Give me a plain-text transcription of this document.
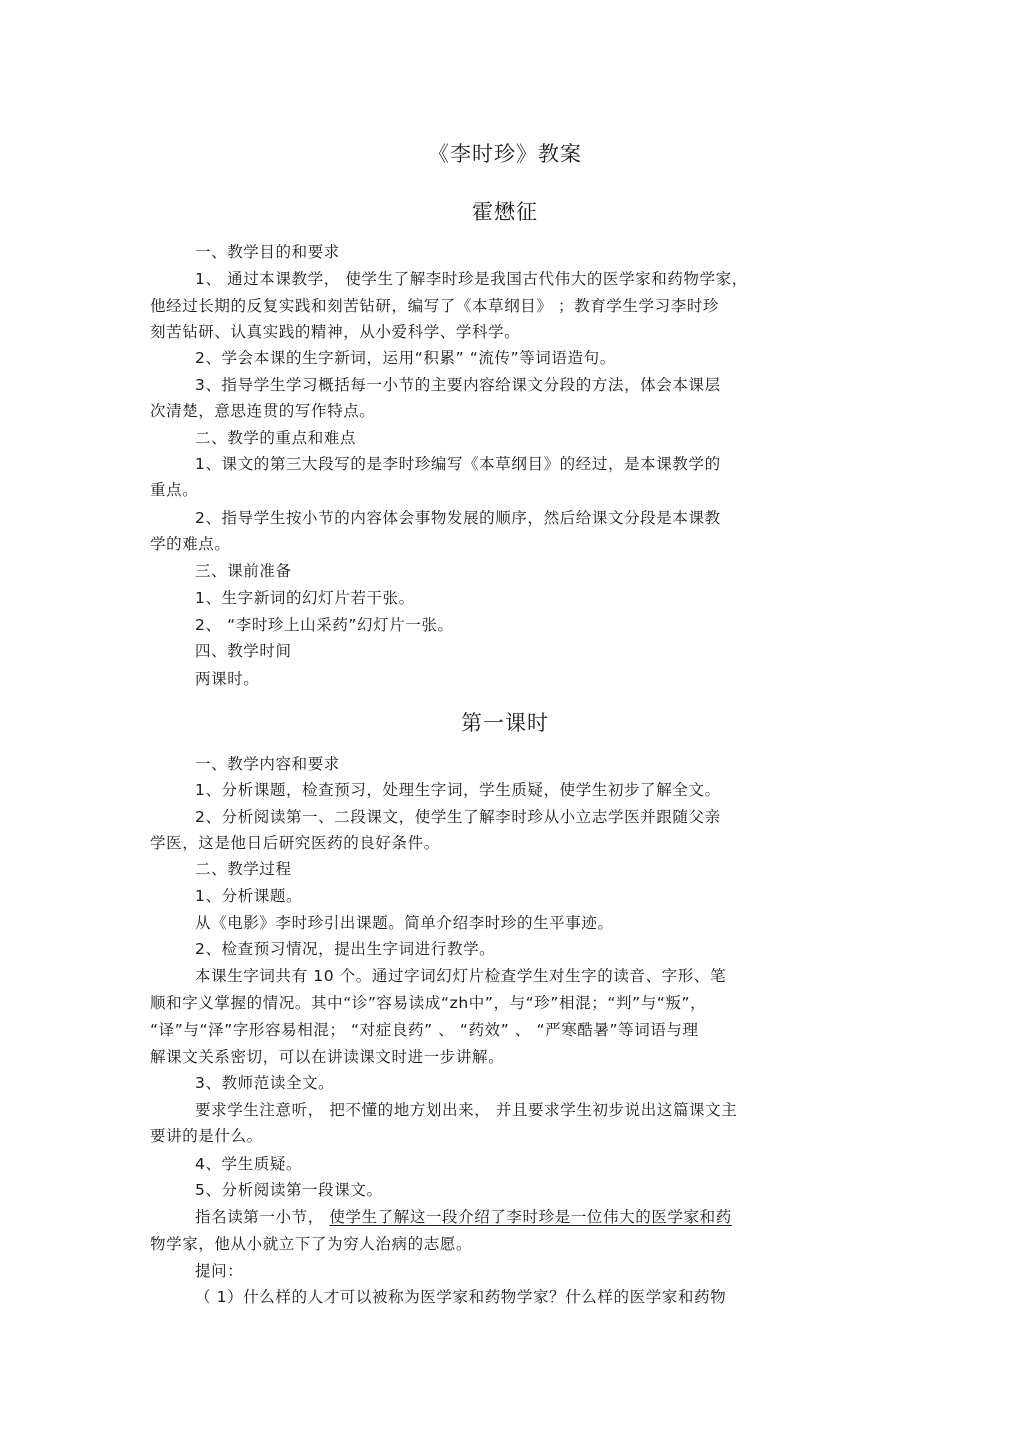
《李时珍》教案
霍懋征
一、教学目的和要求
1、 通过本课教学， 使学生了解李时珍是我国古代伟大的医学家和药物学家，
他经过长期的反复实践和刻苦钻研，编写了《本草纲目》 ；教育学生学习李时珍
刻苦钻研、认真实践的精神，从小爱科学、学科学。
2、学会本课的生字新词，运用“积累” “流传”等词语造句。
3、指导学生学习概括每一小节的主要内容给课文分段的方法，体会本课层
次清楚，意思连贯的写作特点。
二、教学的重点和难点
1、课文的第三大段写的是李时珍编写《本草纲目》的经过，是本课教学的
重点。
2、指导学生按小节的内容体会事物发展的顺序，然后给课文分段是本课教
学的难点。
三、课前准备
1、生字新词的幻灯片若干张。
2、 “李时珍上山采药”幻灯片一张。
四、教学时间
两课时。
第一课时
一、教学内容和要求
1、分析课题，检查预习，处理生字词，学生质疑，使学生初步了解全文。
2、分析阅读第一、二段课文，使学生了解李时珍从小立志学医并跟随父亲
学医，这是他日后研究医药的良好条件。
二、教学过程
1、分析课题。
从《电影》李时珍引出课题。简单介绍李时珍的生平事迹。
2、检查预习情况，提出生字词进行教学。
本课生字词共有 10 个。通过字词幻灯片检查学生对生字的读音、字形、笔
顺和字义掌握的情况。其中“诊”容易读成“zh中”，与“珍”相混；“判”与“叛”，
“译”与“泽”字形容易相混； “对症良药” 、 “药效” 、 “严寒酷暑”等词语与理
解课文关系密切，可以在讲读课文时进一步讲解。
3、教师范读全文。
要求学生注意听， 把不懂的地方划出来， 并且要求学生初步说出这篇课文主
要讲的是什么。
4、学生质疑。
5、分析阅读第一段课文。
指名读第一小节， 使学生了解这一段介绍了李时珍是一位伟大的医学家和药
物学家，他从小就立下了为穷人治病的志愿。
提问：
（ 1）什么样的人才可以被称为医学家和药物学家？什么样的医学家和药物
